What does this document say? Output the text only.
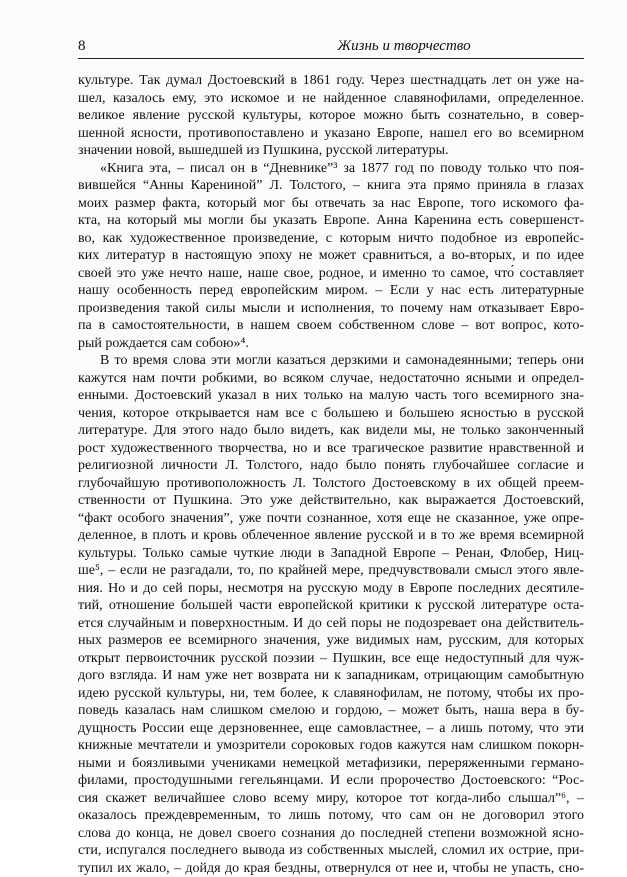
8	Жизнь и творчество
культуре. Так думал Достоевский в 1861 году. Через шестнадцать лет он уже на-
шел, казалось ему, это искомое и не найденное славянофилами, определенное.
великое явление русской культуры, которое можно быть сознательно, в совер-
шенной ясности, противопоставлено и указано Европе, нашел его во всемирном
значении новой, вышедшей из Пушкина, русской литературы.
«Книга эта, – писал он в “Дневнике”³ за 1877 год по поводу только что поя-
вившейся “Анны Карениной” Л. Толстого, – книга эта прямо приняла в глазах
моих размер факта, который мог бы отвечать за нас Европе, того искомого фа-
кта, на который мы могли бы указать Европе. Анна Каренина есть совершенст-
во, как художественное произведение, с которым ничто подобное из европейс-
ких литератур в настоящую эпоху не может сравниться, а во-вторых, и по идее
своей это уже нечто наше, наше свое, родное, и именно то самое, что́ составляет
нашу особенность перед европейским миром. – Если у нас есть литературные
произведения такой силы мысли и исполнения, то почему нам отказывает Евро-
па в самостоятельности, в нашем своем собственном слове – вот вопрос, кото-
рый рождается сам собою»⁴.
В то время слова эти могли казаться дерзкими и самонадеянными; теперь они
кажутся нам почти робкими, во всяком случае, недостаточно ясными и определ-
енными. Достоевский указал в них только на малую часть того всемирного зна-
чения, которое открывается нам все с большею и большею ясностью в русской
литературе. Для этого надо было видеть, как видели мы, не только законченный
рост художественного творчества, но и все трагическое развитие нравственной и
религиозной личности Л. Толстого, надо было понять глубочайшее согласие и
глубочайшую противоположность Л. Толстого Достоевскому в их общей преем-
ственности от Пушкина. Это уже действительно, как выражается Достоевский,
“факт особого значения”, уже почти сознанное, хотя еще не сказанное, уже опре-
деленное, в плоть и кровь облеченное явление русской и в то же время всемирной
культуры. Только самые чуткие люди в Западной Европе – Ренан, Флобер, Ниц-
ше⁵, – если не разгадали, то, по крайней мере, предчувствовали смысл этого явле-
ния. Но и до сей поры, несмотря на русскую моду в Европе последних десятиле-
тий, отношение большей части европейской критики к русской литературе оста-
ется случайным и поверхностным. И до сей поры не подозревает она действитель-
ных размеров ее всемирного значения, уже видимых нам, русским, для которых
открыт первоисточник русской поэзии – Пушкин, все еще недоступный для чуж-
дого взгляда. И нам уже нет возврата ни к западникам, отрицающим самобытную
идею русской культуры, ни, тем более, к славянофилам, не потому, чтобы их про-
поведь казалась нам слишком смелою и гордою, – может быть, наша вера в бу-
дущность России еще дерзновеннее, еще самовластнее, – а лишь потому, что эти
книжные мечтатели и умозрители сороковых годов кажутся нам слишком покорн-
ными и боязливыми учениками немецкой метафизики, переряженными германо-
филами, простодушными гегельянцами. И если пророчество Достоевского: “Рос-
сия скажет величайшее слово всему миру, которое тот когда-либо слышал”⁶, –
оказалось преждевременным, то лишь потому, что сам он не договорил этого
слова до конца, не довел своего сознания до последней степени возможной ясно-
сти, испугался последнего вывода из собственных мыслей, сломил их острие, при-
тупил их жало, – дойдя до края бездны, отвернулся от нее и, чтобы не упасть, сно-
